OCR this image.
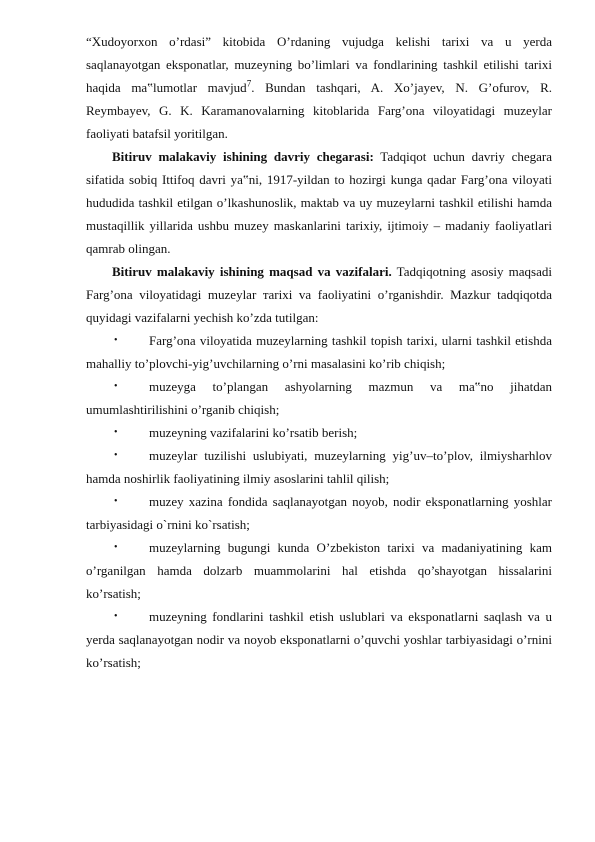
“Xudoyorxon o’rdasi” kitobida O’rdaning vujudga kelishi tarixi va u yerda saqlanayotgan eksponatlar, muzeyning bo’limlari va fondlarining tashkil etilishi tarixi haqida ma‟lumotlar mavjud$^7$. Bundan tashqari, A. Xo’jayev, N. G’ofurov, R. Reymbayev, G. K. Karamanovalarning kitoblarida Farg’ona viloyatidagi muzeylar faoliyati batafsil yoritilgan.

Bitiruv malakaviy ishining davriy chegarasi: Tadqiqot uchun davriy chegara sifatida sobiq Ittifoq davri ya‟ni, 1917-yildan to hozirgi kunga qadar Farg’ona viloyati hududida tashkil etilgan o’lkashunoslik, maktab va uy muzeylarni tashkil etilishi hamda mustaqillik yillarida ushbu muzey maskanlarini tarixiy, ijtimoiy – madaniy faoliyatlari qamrab olingan.

Bitiruv malakaviy ishining maqsad va vazifalari. Tadqiqotning asosiy maqsadi Farg’ona viloyatidagi muzeylar тarixi va faoliyatini o’rganishdir. Mazkur tadqiqotda quyidagi vazifalarni yechish ko’zda tutilgan:

• Farg’ona viloyatida muzeylarning tashkil topish tarixi, ularni tashkil etishda mahalliy to’plovchi-yig’uvchilarning o’rni masalasini ko’rib chiqish;

• muzeyga to’plangan ashyolarning mazmun va ma‟no jihatdan umumlashtirilishini o’rganib chiqish;

• muzeyning vazifalarini ko’rsatib berish;

• muzeylar tuzilishi uslubiyati, muzeylarning yig’uv–to’plov, ilmiysharhlov hamda noshirlik faoliyatining ilmiy asoslarini tahlil qilish;

• muzey xazina fondida saqlanayotgan noyob, nodir eksponatlarning yoshlar tarbiyasidagi o`rnini ko`rsatish;

• muzeylarning bugungi kunda O’zbekiston tarixi va madaniyatining kam o’rganilgan hamda dolzarb muammolarini hal etishda qo’shayotgan hissalarini ko’rsatish;

• muzeyning fondlarini tashkil etish uslublari va eksponatlarni saqlash va u yerda saqlanayotgan nodir va noyob eksponatlarni o’quvchi yoshlar tarbiyasidagi o’rnini ko’rsatish;
